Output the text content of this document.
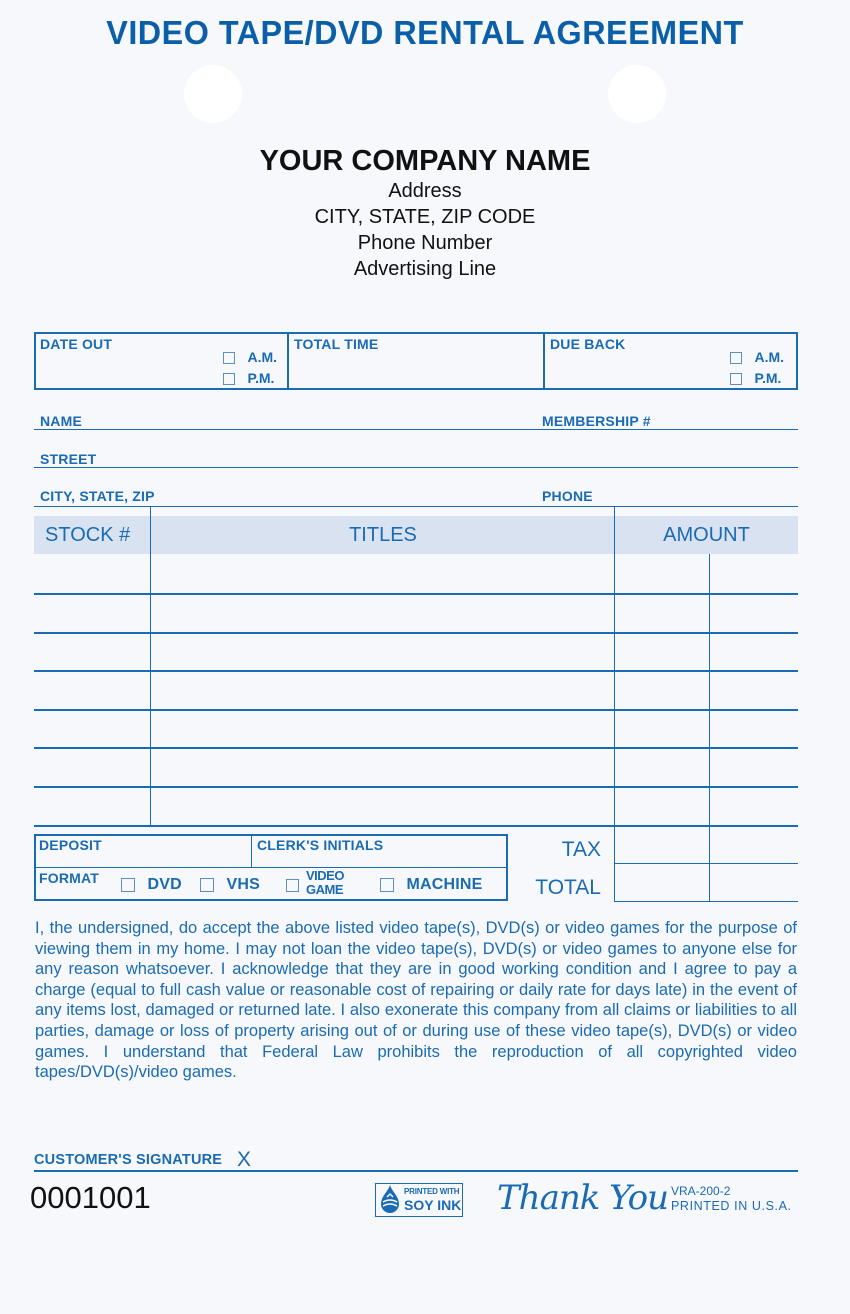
VIDEO TAPE/DVD RENTAL AGREEMENT
YOUR COMPANY NAME
Address
CITY, STATE, ZIP CODE
Phone Number
Advertising Line
DATE OUT
A.M.
P.M.
TOTAL TIME	DUE BACK
A.M.
P.M.
NAME	MEMBERSHIP #
STREET
CITY, STATE, ZIP	PHONE
STOCK #	TITLES	AMOUNT
TAX
TOTAL
DEPOSIT	CLERK'S INITIALS
FORMAT	DVD	VHS
VIDEO
GAME	MACHINE
I, the undersigned, do accept the above listed video tape(s), DVD(s) or video games for the purpose of viewing them in my home. I may not loan the video tape(s), DVD(s) or video games to anyone else for any reason whatsoever. I acknowledge that they are in good working condition and I agree to pay a charge (equal to full cash value or reasonable cost of repairing or daily rate for days late) in the event of any items lost, damaged or returned late. I also exonerate this company from all claims or liabilities to all parties, damage or loss of property arising out of or during use of these video tape(s), DVD(s) or video games. I understand that Federal Law prohibits the reproduction of all copyrighted video tapes/DVD(s)/video games.
CUSTOMER'S SIGNATURE X
0001001	PRINTED WITH
SOY INK Thank You VRA-200-2
PRINTED IN U.S.A.
